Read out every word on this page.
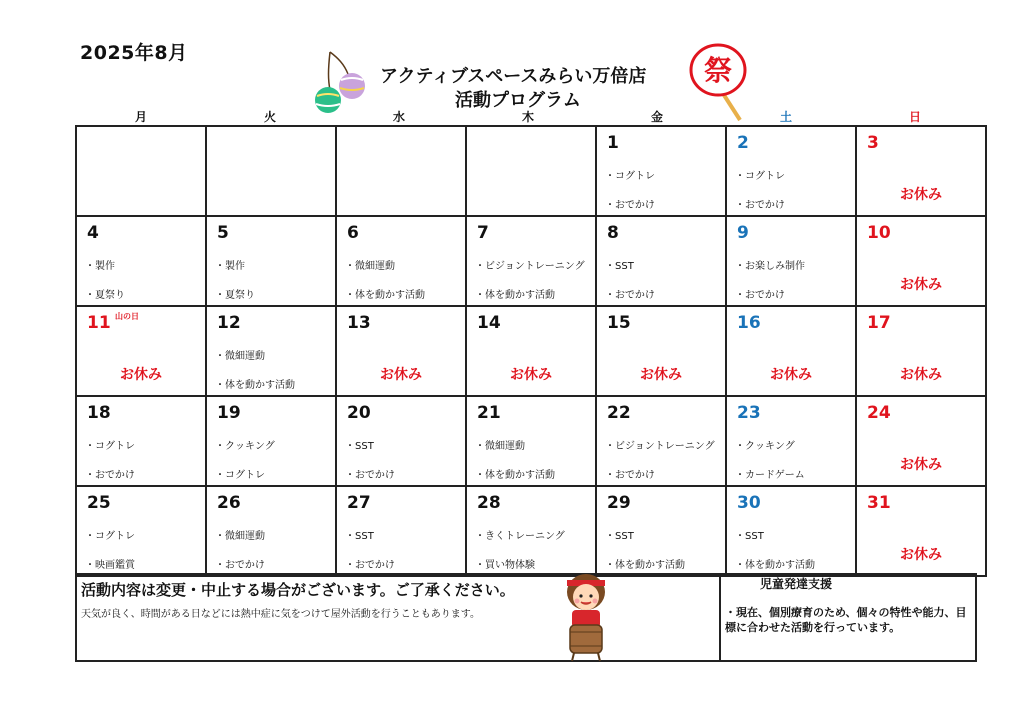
2025年8月
アクティブスペースみらい万倍店
活動プログラム
祭
月	火	水	木	金	土	日

				1
・コグトレ
・おでかけ	2
・コグトレ
・おでかけ	3
お休み

4
・製作
・夏祭り	5
・製作
・夏祭り	6
・微細運動
・体を動かす活動	7
・ビジョントレーニング
・体を動かす活動	8
・SST
・おでかけ	9
・お楽しみ制作
・おでかけ	10
お休み

11 山の日
お休み	12
・微細運動
・体を動かす活動	13
お休み	14
お休み	15
お休み	16
お休み	17
お休み

18
・コグトレ
・おでかけ	19
・クッキング
・コグトレ	20
・SST
・おでかけ	21
・微細運動
・体を動かす活動	22
・ビジョントレーニング
・おでかけ	23
・クッキング
・カードゲーム	24
お休み

25
・コグトレ
・映画鑑賞	26
・微細運動
・おでかけ	27
・SST
・おでかけ	28
・きくトレーニング
・買い物体験	29
・SST
・体を動かす活動	30
・SST
・体を動かす活動	31
お休み
活動内容は変更・中止する場合がございます。ご了承ください。
天気が良く、時間がある日などには熱中症に気をつけて屋外活動を行うこともあります。
児童発達支援
・現在、個別療育のため、個々の特性や能力、目標に合わせた活動を行っています。
